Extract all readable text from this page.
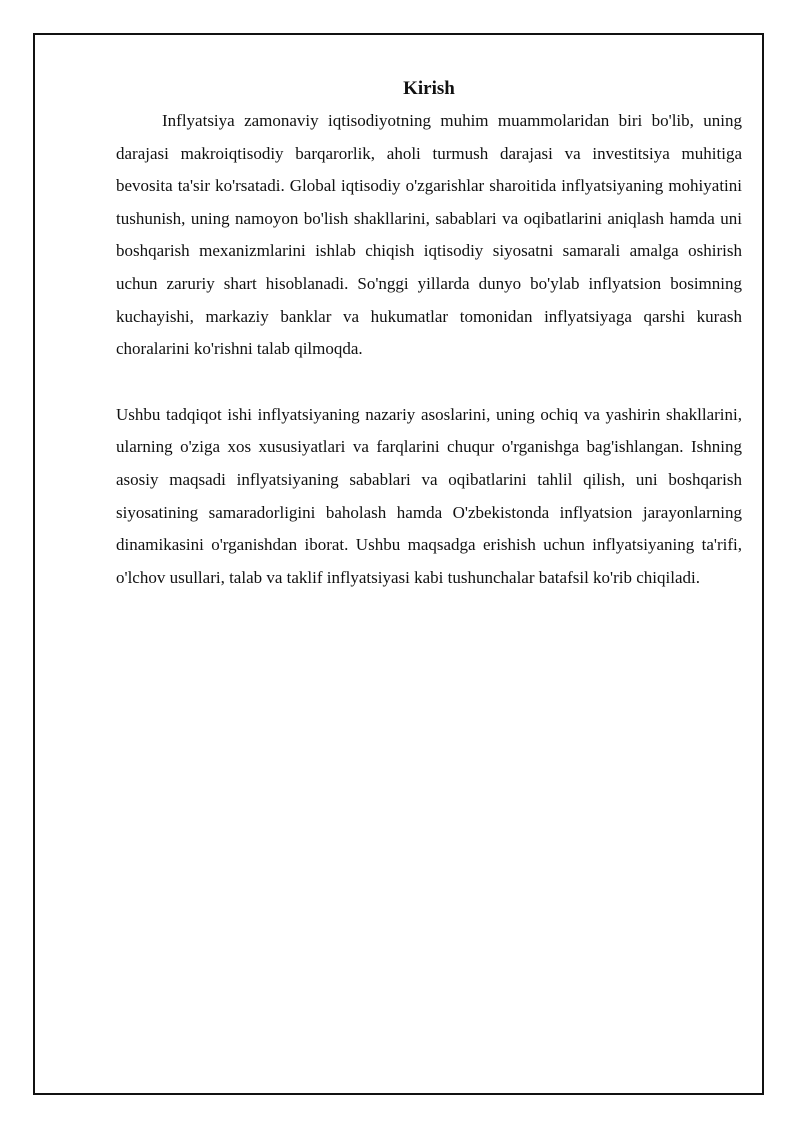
Kirish

Inflyatsiya zamonaviy iqtisodiyotning muhim muammolaridan biri bo'lib, uning darajasi makroiqtisodiy barqarorlik, aholi turmush darajasi va investitsiya muhitiga bevosita ta'sir ko'rsatadi. Global iqtisodiy o'zgarishlar sharoitida inflyatsiyaning mohiyatini tushunish, uning namoyon bo'lish shakllarini, sabablari va oqibatlarini aniqlash hamda uni boshqarish mexanizmlarini ishlab chiqish iqtisodiy siyosatni samarali amalga oshirish uchun zaruriy shart hisoblanadi. So'nggi yillarda dunyo bo'ylab inflyatsion bosimning kuchayishi, markaziy banklar va hukumatlar tomonidan inflyatsiyaga qarshi kurash choralarini ko'rishni talab qilmoqda.

Ushbu tadqiqot ishi inflyatsiyaning nazariy asoslarini, uning ochiq va yashirin shakllarini, ularning o'ziga xos xususiyatlari va farqlarini chuqur o'rganishga bag'ishlangan. Ishning asosiy maqsadi inflyatsiyaning sabablari va oqibatlarini tahlil qilish, uni boshqarish siyosatining samaradorligini baholash hamda O'zbekistonda inflyatsion jarayonlarning dinamikasini o'rganishdan iborat. Ushbu maqsadga erishish uchun inflyatsiyaning ta'rifi, o'lchov usullari, talab va taklif inflyatsiyasi kabi tushunchalar batafsil ko'rib chiqiladi.
